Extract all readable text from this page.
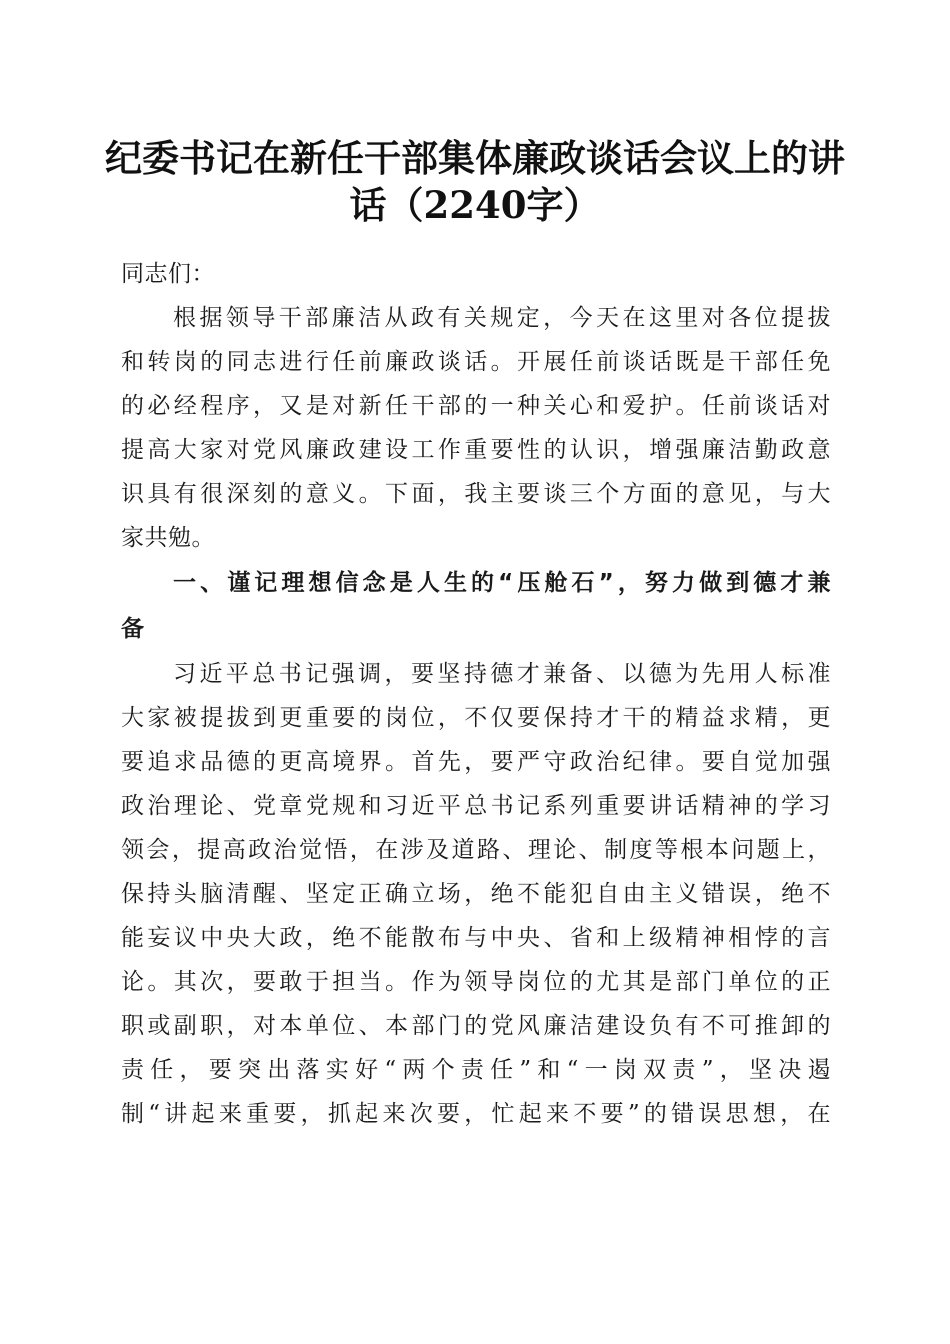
纪委书记在新任干部集体廉政谈话会议上的讲
话（2240字）
同志们：
根据领导干部廉洁从政有关规定，今天在这里对各位提拔
和转岗的同志进行任前廉政谈话。开展任前谈话既是干部任免
的必经程序，又是对新任干部的一种关心和爱护。任前谈话对
提高大家对党风廉政建设工作重要性的认识，增强廉洁勤政意
识具有很深刻的意义。下面，我主要谈三个方面的意见，与大
家共勉。
一、谨记理想信念是人生的“压舱石”，努力做到德才兼
备
习近平总书记强调，要坚持德才兼备、以德为先用人标准
大家被提拔到更重要的岗位，不仅要保持才干的精益求精，更
要追求品德的更高境界。首先，要严守政治纪律。要自觉加强
政治理论、党章党规和习近平总书记系列重要讲话精神的学习
领会，提高政治觉悟，在涉及道路、理论、制度等根本问题上，
保持头脑清醒、坚定正确立场，绝不能犯自由主义错误，绝不
能妄议中央大政，绝不能散布与中央、省和上级精神相悖的言
论。其次，要敢于担当。作为领导岗位的尤其是部门单位的正
职或副职，对本单位、本部门的党风廉洁建设负有不可推卸的
责任，要突出落实好“两个责任”和“一岗双责”，坚决遏
制“讲起来重要，抓起来次要，忙起来不要”的错误思想，在
